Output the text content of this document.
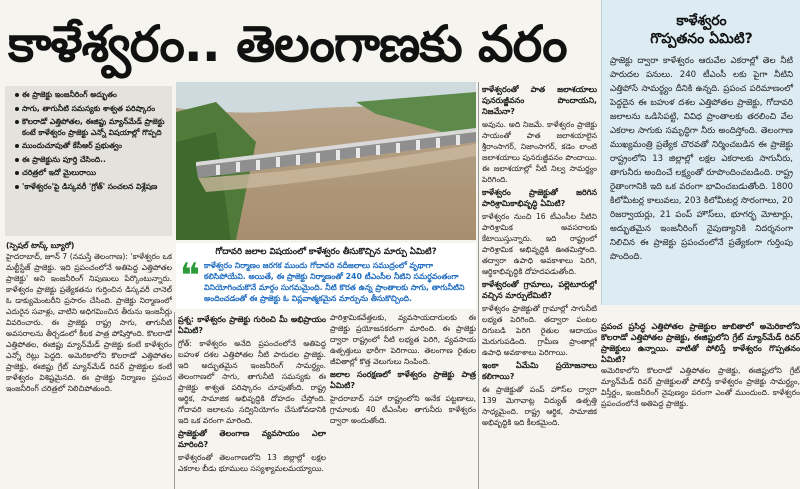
కాళేశ్వరం.. తెలంగాణకు వరం	కాళేశ్వరం
గొప్పతనం ఏమిటి?
ప్రాజెక్టు ద్వారా కాళేశ్వరం ఆరువేల ఎకరాల్లో తెల నీటి పారుదల పనులు. 240 టీఎంసీ లకు పైగా నీటిని ఎత్తిపోసే సామర్థ్యం దీనికి ఉన్నది. ప్రపంచ పరిమాణంలో పెద్దదైన ఈ బహుళ దశల ఎత్తిపోతల ప్రాజెక్టు, గోదావరి జలాలను ఒడిసిపట్టి, వివిధ ప్రాంతాలకు తరలించి వేల ఎకరాల సాగుకు సమృద్ధిగా నీరు అందిస్తోంది. తెలంగాణ ముఖ్యమంత్రి ప్రత్యేక చొరవతో నిర్మించబడిన ఈ ప్రాజెక్టు రాష్ట్రంలోని 13 జిల్లాల్లో లక్షల ఎకరాలకు సాగునీరు, తాగునీరు అందించే లక్ష్యంతో రూపొందించబడింది. రాష్ట్ర రైతాంగానికి ఇది ఒక వరంగా భావించబడుతోంది. 1800 కిలోమీటర్ల కాలువలు, 203 కిలోమీటర్ల సొరంగాలు, 20 రిజర్వాయర్లు, 21 పంప్ హౌస్‌లు, భూగర్భ మోటార్లు, అద్భుతమైన ఇంజనీరింగ్ నైపుణ్యానికి నిదర్శనంగా నిలిచిన ఈ ప్రాజెక్టు ప్రపంచంలోనే ప్రత్యేకంగా గుర్తింపు పొందింది.
ఈ ప్రాజెక్టు ఇంజనీరింగ్ అద్భుతం
సాగు, తాగునీటి సమస్యకు శాశ్వత పరిష్కారం
కొలరాడో ఎత్తిపోతల, ఈజిప్టు మ్యాన్‌మేడ్ ప్రాజెక్టు కంటే కాళేశ్వరం ప్రాజెక్టు ఎన్నో విషయాల్లో గొప్పది
ముందుచూపుతో కేసీఆర్ ప్రభుత్వం
ఈ ప్రాజెక్టును పూర్తి చేసింది..
చరిత్రలో ఇదో మైలురాయి
'కాళేశ్వరం'పై డిస్కవరీ 'గ్రోత్' సంచలన విశ్లేషణ
గోదావరి జలాల విషయంలో కాళేశ్వరం తీసుకొచ్చిన మార్పు ఏమిటి?
❝ కాళేశ్వరం నిర్మాణం జరగక ముందు గోదావరి నదీజలాలు సముద్రంలో వృథాగా కలిసిపోయేవి. అయితే, ఈ ప్రాజెక్టు నిర్మాణంతో 240 టీఎంసీల నీటిని సమర్థవంతంగా వినియోగించుకొనే మార్గం సుగమమైంది. నీటి కొరత ఉన్న ప్రాంతాలకు సాగు, తాగునీటిని అందించడంతో ఈ ప్రాజెక్టు ఓ విప్లవాత్మకమైన మార్పును తీసుకొచ్చింది.
(స్పెషల్ టాస్క్ బ్యూరో)
హైదరాబాద్, జూన్ 7 (నమస్తే తెలంగాణ): 'కాళేశ్వరం ఒక మల్టీస్టేజ్ ప్రాజెక్టు. ఇది ప్రపంచంలోనే అతిపెద్ద ఎత్తిపోతల ప్రాజెక్టు' అని ఇంజనీరింగ్ నిపుణులు పేర్కొంటున్నారు. కాళేశ్వరం ప్రాజెక్టు ప్రత్యేకతను గుర్తించిన డిస్కవరీ చానెల్ ఓ డాక్యుమెంటరీని ప్రసారం చేసింది. ప్రాజెక్టు నిర్మాణంలో ఎదురైన సవాళ్లు, వాటిని అధిగమించిన తీరును ఇంజనీర్లు వివరించారు. ఈ ప్రాజెక్టు రాష్ట్ర సాగు, తాగునీటి అవసరాలను తీర్చడంలో కీలక పాత్ర పోషిస్తోంది. కొలరాడో ఎత్తిపోతల, ఈజిప్టు మ్యాన్‌మేడ్ ప్రాజెక్టు కంటే కాళేశ్వరం ఎన్నో రెట్లు పెద్దది. అమెరికాలోని కొలరాడో ఎత్తిపోతల ప్రాజెక్టు, ఈజిప్టు గ్రేట్ మ్యాన్‌మేడ్ రివర్ ప్రాజెక్టుల కంటే కాళేశ్వరం విశిష్టమైనది. ఈ ప్రాజెక్టు నిర్మాణం ప్రపంచ ఇంజనీరింగ్ చరిత్రలో నిలిచిపోతుంది.
ప్రశ్న: కాళేశ్వరం ప్రాజెక్టు గురించి మీ అభిప్రాయం ఏమిటి?
గ్రోత్: కాళేశ్వరం అనేది ప్రపంచంలోనే అతిపెద్ద బహుళ దశల ఎత్తిపోతల నీటి పారుదల ప్రాజెక్టు. ఇది అద్భుతమైన ఇంజనీరింగ్ సామర్థ్యం. తెలంగాణలో సాగు, తాగునీటి సమస్యకు ఈ ప్రాజెక్టు శాశ్వత పరిష్కారం చూపుతోంది. రాష్ట్ర ఆర్థిక, సామాజిక అభివృద్ధికి దోహదం చేస్తోంది. గోదావరి జలాలను సద్వినియోగం చేసుకోవడానికి ఇది ఒక వరంగా మారింది.
ప్రాజెక్టుతో తెలంగాణ వ్యవసాయం ఎలా మారింది?
కాళేశ్వరంతో తెలంగాణలోని 13 జిల్లాల్లో లక్షల ఎకరాల బీడు భూములు సస్యశ్యామలమయ్యాయి.
పారిశ్రామికవేత్తలకు, వ్యవసాయదారులకు ఈ ప్రాజెక్టు ప్రయోజనకరంగా మారింది. ఈ ప్రాజెక్టు ద్వారా రాష్ట్రంలో నీటి లభ్యత పెరిగి, వ్యవసాయ ఉత్పత్తులు భారీగా పెరిగాయి. తెలంగాణ రైతుల జీవితాల్లో కొత్త వెలుగులు నింపింది.
జలాల సంరక్షణలో కాళేశ్వరం ప్రాజెక్టు పాత్ర ఏమిటి?
హైదరాబాద్ సహా రాష్ట్రంలోని అనేక పట్టణాలు, గ్రామాలకు 40 టీఎంసీల తాగునీరు కాళేశ్వరం ద్వారా అందుతోంది.
కాళేశ్వరంతో పాత జలాశయాలు పునరుజ్జీవనం పొందాయని, నిజమేనా?
అవును. అది నిజమే. కాళేశ్వరం ప్రాజెక్టు సాయంతో పాత జలాశయాలైన శ్రీరాంసాగర్, నిజాంసాగర్, కడెం లాంటి జలాశయాలు పునరుజ్జీవనం పొందాయి. ఈ జలాశయాల్లో నీటి నిల్వ సామర్థ్యం పెరిగింది.
కాళేశ్వరం ప్రాజెక్టుతో జరిగిన పారిశ్రామికాభివృద్ధి ఏమిటి?
కాళేశ్వరం నుంచి 16 టీఎంసీల నీటిని పారిశ్రామిక అవసరాలకు కేటాయిస్తున్నారు. ఇది రాష్ట్రంలో పారిశ్రామిక అభివృద్ధికి ఊతమిస్తోంది. తద్వారా ఉపాధి అవకాశాలు పెరిగి, ఆర్థికాభివృద్ధికి దోహదపడుతోంది.
కాళేశ్వరంతో గ్రామాలు, పల్లెటూరుల్లో వచ్చిన మార్పులేమిటి?
కాళేశ్వరం ప్రాజెక్టుతో గ్రామాల్లో సాగునీటి లభ్యత పెరిగింది. తద్వారా పంటల దిగుబడి పెరిగి రైతుల ఆదాయం మెరుగుపడింది. గ్రామీణ ప్రాంతాల్లో ఉపాధి అవకాశాలు పెరిగాయి.
ఇంకా ఏమేమి ప్రయోజనాలు కలిగాయి?
ఈ ప్రాజెక్టుతో పంప్ హౌస్‌ల ద్వారా 139 మెగావాట్ల విద్యుత్ ఉత్పత్తి సాధ్యమైంది. రాష్ట్ర ఆర్థిక, సామాజిక అభివృద్ధికి ఇది కీలకమైంది.
ప్రపంచ ప్రసిద్ధ ఎత్తిపోతల ప్రాజెక్టుల జాబితాలో అమెరికాలోని కొలరాడో ఎత్తిపోతల ప్రాజెక్టు, ఈజిప్టులోని గ్రేట్ మ్యాన్‌మేడ్ రివర్ ప్రాజెక్టులు ఉన్నాయి. వాటితో పోలిస్తే కాళేశ్వరం గొప్పతనం ఏమిటి?
అమెరికాలోని కొలరాడో ఎత్తిపోతల ప్రాజెక్టు, ఈజిప్టులోని గ్రేట్ మ్యాన్‌మేడ్ రివర్ ప్రాజెక్టులతో పోలిస్తే కాళేశ్వరం ప్రాజెక్టు సామర్థ్యం, విస్తీర్ణం, ఇంజనీరింగ్ నైపుణ్యం పరంగా ఎంతో ముందుంది. కాళేశ్వరం ప్రపంచంలోనే అతిపెద్ద ప్రాజెక్టు.
